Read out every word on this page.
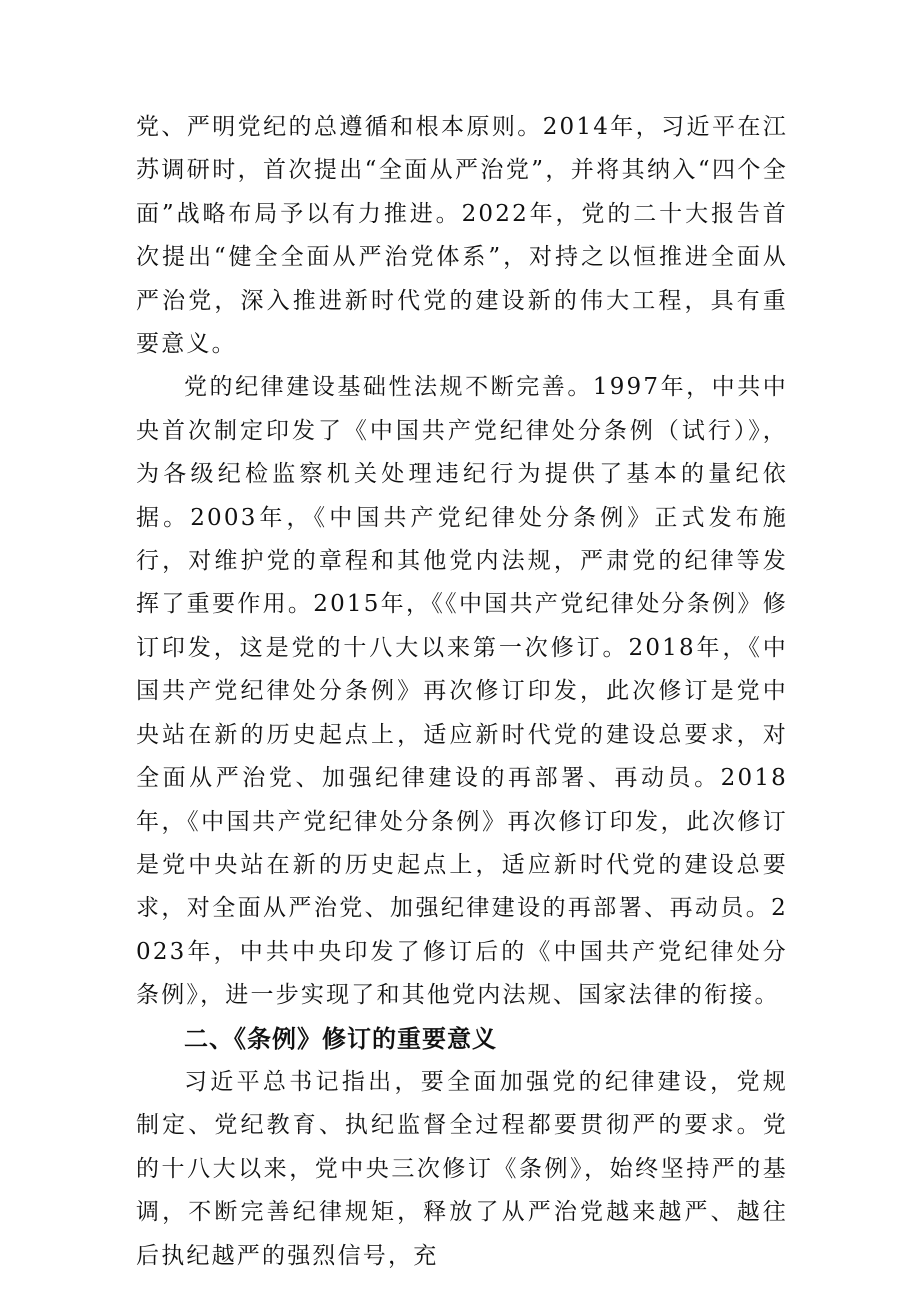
党、严明党纪的总遵循和根本原则。2014年，习近平在江苏调研时，首次提出“全面从严治党”，并将其纳入“四个全面”战略布局予以有力推进。2022年，党的二十大报告首次提出“健全全面从严治党体系”，对持之以恒推进全面从严治党，深入推进新时代党的建设新的伟大工程，具有重要意义。

党的纪律建设基础性法规不断完善。1997年，中共中央首次制定印发了《中国共产党纪律处分条例（试行）》，为各级纪检监察机关处理违纪行为提供了基本的量纪依据。2003年，《中国共产党纪律处分条例》正式发布施行，对维护党的章程和其他党内法规，严肃党的纪律等发挥了重要作用。2015年，《《中国共产党纪律处分条例》修订印发，这是党的十八大以来第一次修订。2018年，《中国共产党纪律处分条例》再次修订印发，此次修订是党中央站在新的历史起点上，适应新时代党的建设总要求，对全面从严治党、加强纪律建设的再部署、再动员。2018年，《中国共产党纪律处分条例》再次修订印发，此次修订是党中央站在新的历史起点上，适应新时代党的建设总要求，对全面从严治党、加强纪律建设的再部署、再动员。2023年，中共中央印发了修订后的《中国共产党纪律处分条例》，进一步实现了和其他党内法规、国家法律的衔接。

二、《条例》修订的重要意义

习近平总书记指出，要全面加强党的纪律建设，党规制定、党纪教育、执纪监督全过程都要贯彻严的要求。党的十八大以来，党中央三次修订《条例》，始终坚持严的基调，不断完善纪律规矩，释放了从严治党越来越严、越往后执纪越严的强烈信号，充
